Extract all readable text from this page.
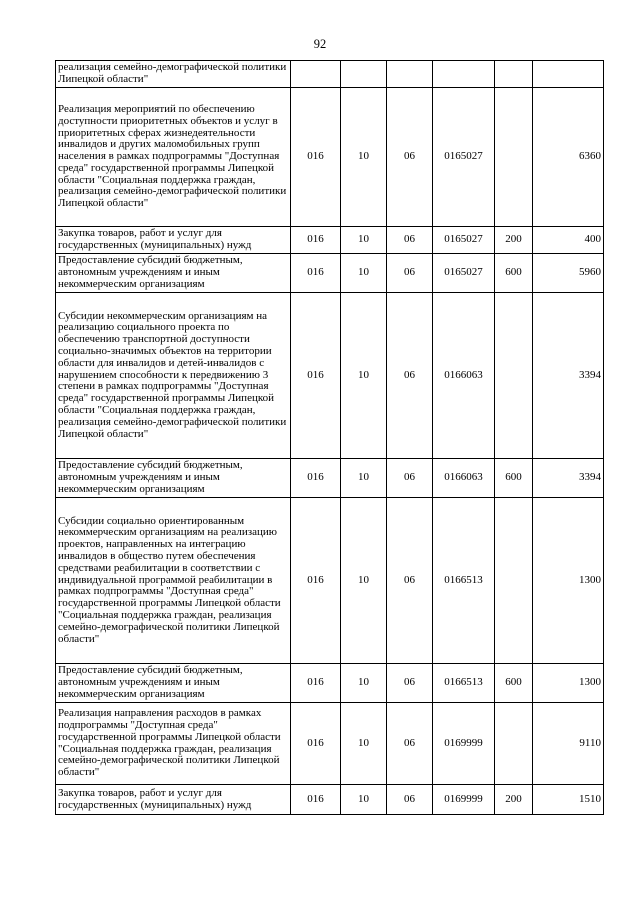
92
реализация семейно-демографической политики Липецкой области"						
Реализация мероприятий по обеспечению доступности приоритетных объектов и услуг в приоритетных сферах жизнедеятельности инвалидов и других маломобильных групп населения в рамках подпрограммы "Доступная среда" государственной программы Липецкой области "Социальная поддержка граждан, реализация семейно-демографической политики Липецкой области"	016	10	06	0165027		6360
Закупка товаров, работ и услуг для государственных (муниципальных) нужд	016	10	06	0165027	200	400
Предоставление субсидий бюджетным, автономным учреждениям и иным некоммерческим организациям	016	10	06	0165027	600	5960
Субсидии некоммерческим организациям на реализацию социального проекта по обеспечению транспортной доступности социально-значимых объектов на территории области для инвалидов и детей-инвалидов с нарушением способности к передвижению 3 степени в рамках подпрограммы "Доступная среда" государственной программы Липецкой области "Социальная поддержка граждан, реализация семейно-демографической политики Липецкой области"	016	10	06	0166063		3394
Предоставление субсидий бюджетным, автономным учреждениям и иным некоммерческим организациям	016	10	06	0166063	600	3394
Субсидии социально ориентированным некоммерческим организациям на реализацию проектов, направленных на интеграцию инвалидов в общество путем обеспечения средствами реабилитации в соответствии с индивидуальной программой реабилитации в рамках подпрограммы "Доступная среда" государственной программы Липецкой области "Социальная поддержка граждан, реализация семейно-демографической политики Липецкой области"	016	10	06	0166513		1300
Предоставление субсидий бюджетным, автономным учреждениям и иным некоммерческим организациям	016	10	06	0166513	600	1300
Реализация направления расходов в рамках подпрограммы "Доступная среда" государственной программы Липецкой области "Социальная поддержка граждан, реализация семейно-демографической политики Липецкой области"	016	10	06	0169999		9110
Закупка товаров, работ и услуг для государственных (муниципальных) нужд	016	10	06	0169999	200	1510
